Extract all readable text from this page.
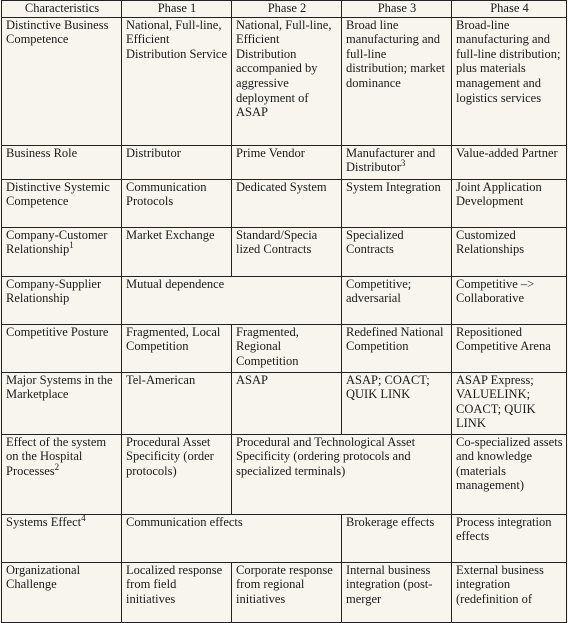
Characteristics	Phase 1	Phase 2	Phase 3	Phase 4
Distinctive Business Competence	National, Full-line, Efficient Distribution Service	National, Full-line, Efficient Distribution accompanied by aggressive deployment of ASAP	Broad line manufacturing and full-line distribution; market dominance	Broad-line manufacturing and full-line distribution; plus materials management and logistics services
Business Role	Distributor	Prime Vendor	Manufacturer and Distributor$^3$	Value-added Partner
Distinctive Systemic Competence	Communication Protocols	Dedicated System	System Integration	Joint Application Development
Company-Customer Relationship$^1$	Market Exchange	Standard/Specia lized Contracts	Specialized Contracts	Customized Relationships
Company-Supplier Relationship	Mutual dependence		Competitive; adversarial	Competitive –> Collaborative
Competitive Posture	Fragmented, Local Competition	Fragmented, Regional Competition	Redefined National Competition	Repositioned Competitive Arena
Major Systems in the Marketplace	Tel-American	ASAP	ASAP; COACT; QUIK LINK	ASAP Express; VALUELINK; COACT; QUIK LINK
Effect of the system on the Hospital Processes$^2$	Procedural Asset Specificity (order protocols)	Procedural and Technological Asset Specificity (ordering protocols and specialized terminals)		Co-specialized assets and knowledge (materials management)
Systems Effect$^4$	Communication effects		Brokerage effects	Process integration effects
Organizational Challenge	Localized response from field initiatives	Corporate response from regional initiatives	Internal business integration (post-merger	External business integration (redefinition of
